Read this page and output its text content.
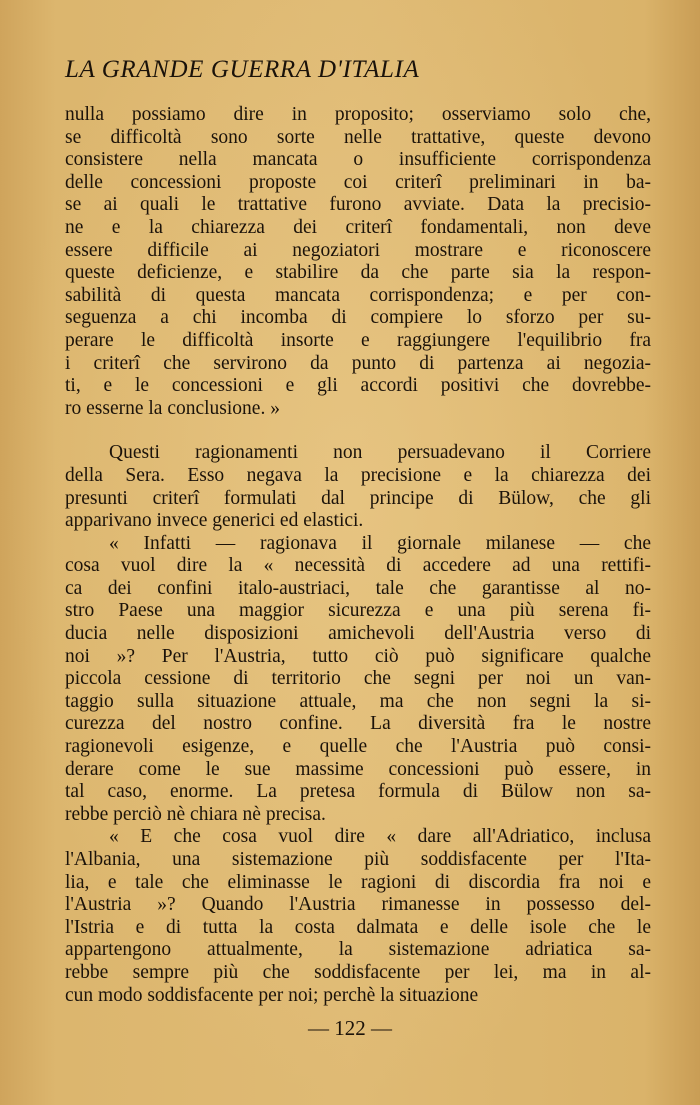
LA GRANDE GUERRA D'ITALIA
nulla possiamo dire in proposito; osserviamo solo che,
se difficoltà sono sorte nelle trattative, queste devono
consistere nella mancata o insufficiente corrispondenza
delle concessioni proposte coi criterî preliminari in ba-
se ai quali le trattative furono avviate. Data la precisio-
ne e la chiarezza dei criterî fondamentali, non deve
essere difficile ai negoziatori mostrare e riconoscere
queste deficienze, e stabilire da che parte sia la respon-
sabilità di questa mancata corrispondenza; e per con-
seguenza a chi incomba di compiere lo sforzo per su-
perare le difficoltà insorte e raggiungere l'equilibrio fra
i criterî che servirono da punto di partenza ai negozia-
ti, e le concessioni e gli accordi positivi che dovrebbe-
ro esserne la conclusione. »
Questi ragionamenti non persuadevano il Corriere
della Sera. Esso negava la precisione e la chiarezza dei
presunti criterî formulati dal principe di Bülow, che gli
apparivano invece generici ed elastici.
« Infatti — ragionava il giornale milanese — che
cosa vuol dire la « necessità di accedere ad una rettifi-
ca dei confini italo-austriaci, tale che garantisse al no-
stro Paese una maggior sicurezza e una più serena fi-
ducia nelle disposizioni amichevoli dell'Austria verso di
noi »? Per l'Austria, tutto ciò può significare qualche
piccola cessione di territorio che segni per noi un van-
taggio sulla situazione attuale, ma che non segni la si-
curezza del nostro confine. La diversità fra le nostre
ragionevoli esigenze, e quelle che l'Austria può consi-
derare come le sue massime concessioni può essere, in
tal caso, enorme. La pretesa formula di Bülow non sa-
rebbe perciò nè chiara nè precisa.
« E che cosa vuol dire « dare all'Adriatico, inclusa
l'Albania, una sistemazione più soddisfacente per l'Ita-
lia, e tale che eliminasse le ragioni di discordia fra noi e
l'Austria »? Quando l'Austria rimanesse in possesso del-
l'Istria e di tutta la costa dalmata e delle isole che le
appartengono attualmente, la sistemazione adriatica sa-
rebbe sempre più che soddisfacente per lei, ma in al-
cun modo soddisfacente per noi; perchè la situazione
— 122 —
